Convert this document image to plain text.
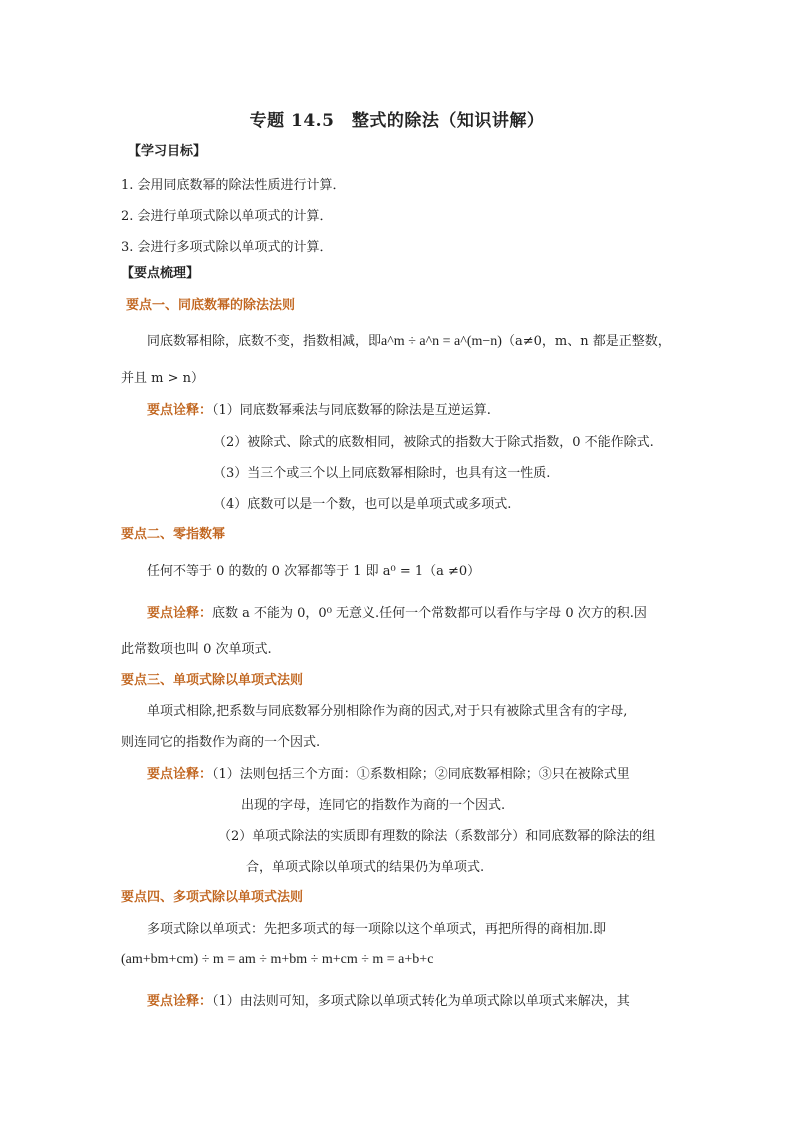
专题 14.5　整式的除法（知识讲解）
【学习目标】
1. 会用同底数幂的除法性质进行计算．
2. 会进行单项式除以单项式的计算．
3. 会进行多项式除以单项式的计算．
【要点梳理】
要点一、同底数幂的除法法则
同底数幂相除，底数不变，指数相减，即a^m ÷ a^n = a^(m−n)（a≠0，m、n 都是正整数，
并且 m > n）
要点诠释：（1）同底数幂乘法与同底数幂的除法是互逆运算.
（2）被除式、除式的底数相同，被除式的指数大于除式指数，0 不能作除式.
（3）当三个或三个以上同底数幂相除时，也具有这一性质.
（4）底数可以是一个数，也可以是单项式或多项式.
要点二、零指数幂
任何不等于 0 的数的 0 次幂都等于 1 即 a⁰ = 1（a ≠0）
要点诠释：底数 a 不能为 0，0⁰ 无意义.任何一个常数都可以看作与字母 0 次方的积.因
此常数项也叫 0 次单项式.
要点三、单项式除以单项式法则
单项式相除,把系数与同底数幂分别相除作为商的因式,对于只有被除式里含有的字母,
则连同它的指数作为商的一个因式.
要点诠释：（1）法则包括三个方面：①系数相除；②同底数幂相除；③只在被除式里
出现的字母，连同它的指数作为商的一个因式.
（2）单项式除法的实质即有理数的除法（系数部分）和同底数幂的除法的组
合，单项式除以单项式的结果仍为单项式.
要点四、多项式除以单项式法则
多项式除以单项式：先把多项式的每一项除以这个单项式，再把所得的商相加.即
(am+bm+cm) ÷ m = am ÷ m+bm ÷ m+cm ÷ m = a+b+c
要点诠释：（1）由法则可知，多项式除以单项式转化为单项式除以单项式来解决，其
